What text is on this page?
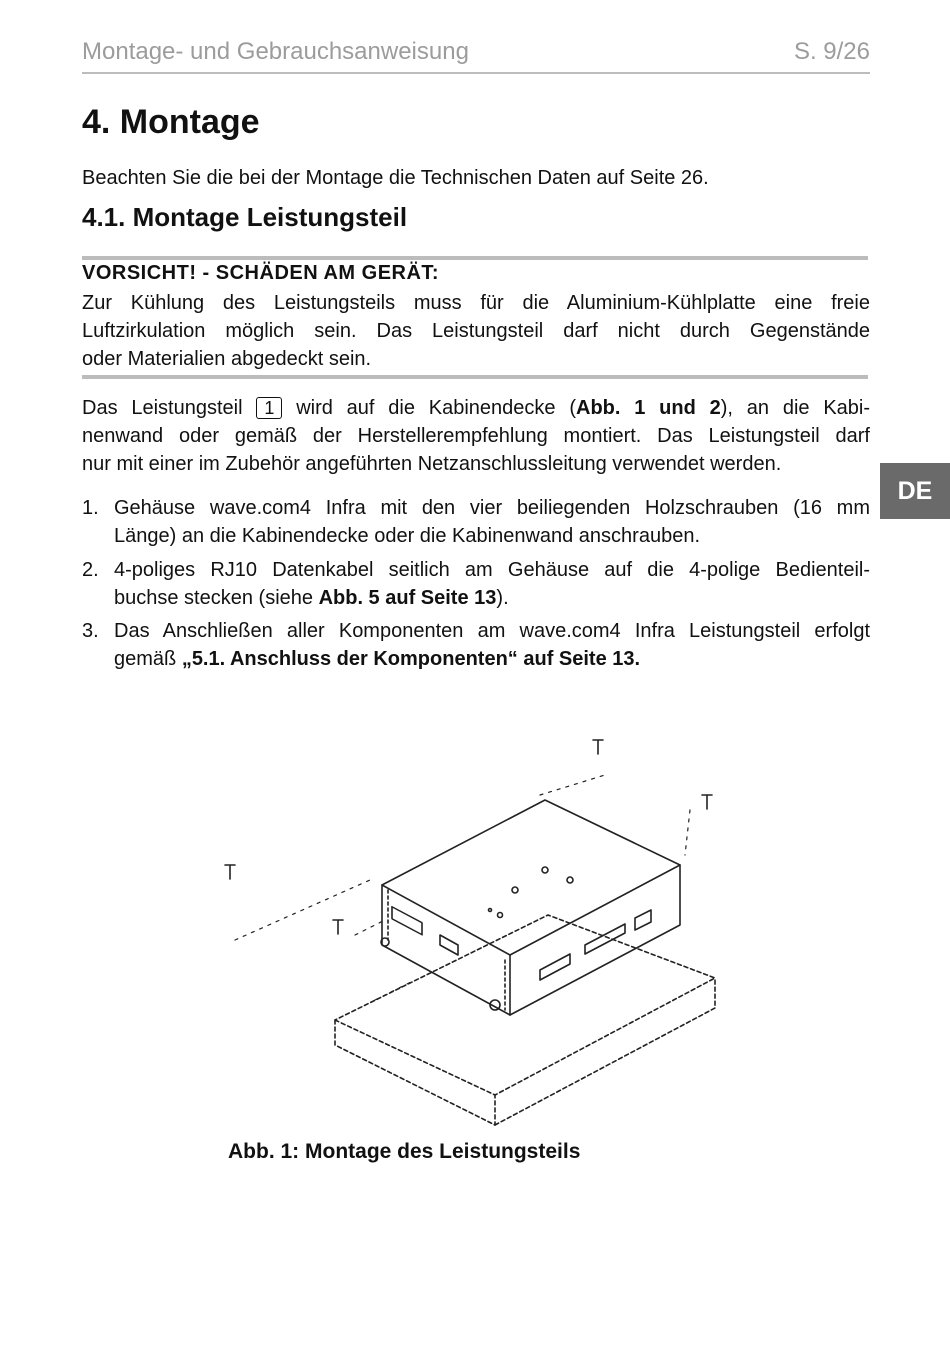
Montage- und Gebrauchsanweisung	S. 9/26
4. Montage

Beachten Sie die bei der Montage die Technischen Daten auf Seite 26.

4.1. Montage Leistungsteil
VORSICHT! - SCHÄDEN AM GERÄT:
Zur Kühlung des Leistungsteils muss für die Aluminium-Kühlplatte eine freie
Luftzirkulation möglich sein. Das Leistungsteil darf nicht durch Gegenstände
oder Materialien abgedeckt sein.
Das Leistungsteil 1 wird auf die Kabinendecke (Abb. 1 und 2), an die Kabi-
nenwand oder gemäß der Herstellerempfehlung montiert. Das Leistungsteil darf
nur mit einer im Zubehör angeführten Netzanschlussleitung verwendet werden.
DE
1. Gehäuse wave.com4 Infra mit den vier beiliegenden Holzschrauben (16 mm
Länge) an die Kabinendecke oder die Kabinenwand anschrauben.
2. 4-poliges RJ10 Datenkabel seitlich am Gehäuse auf die 4-polige Bedienteil-
buchse stecken (siehe Abb. 5 auf Seite 13).
3. Das Anschließen aller Komponenten am wave.com4 Infra Leistungsteil erfolgt
gemäß „5.1. Anschluss der Komponenten“ auf Seite 13.
Abb. 1: Montage des Leistungsteils
